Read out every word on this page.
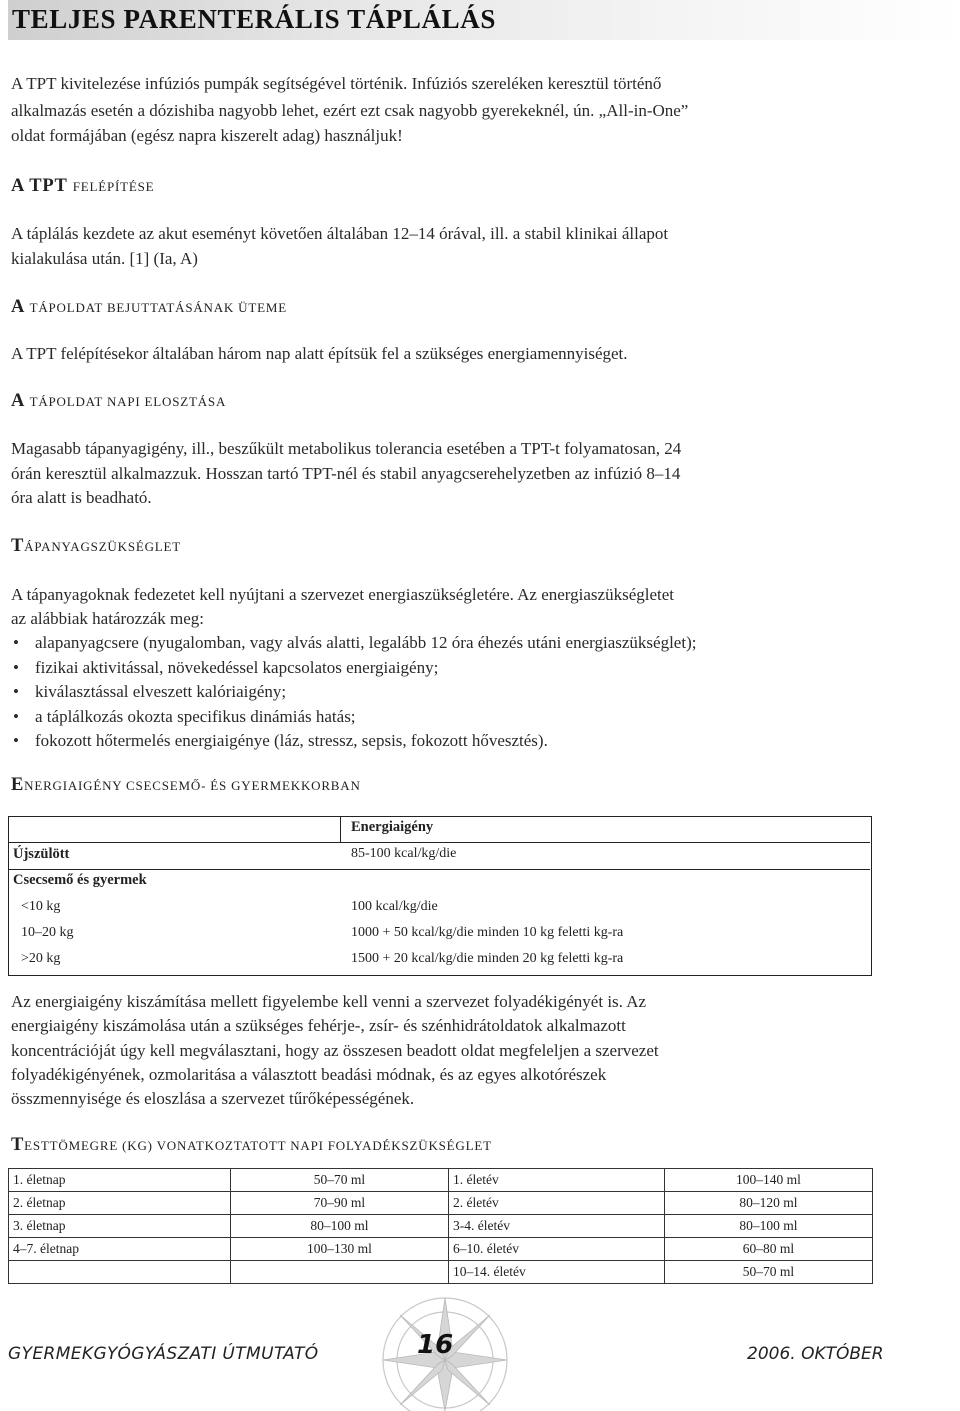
TELJES PARENTERÁLIS TÁPLÁLÁS

A TPT kivitelezése infúziós pumpák segítségével történik. Infúziós szereléken keresztül történő

alkalmazás esetén a dózishiba nagyobb lehet, ezért ezt csak nagyobb gyerekeknél, ún. „All-in-One”

oldat formájában (egész napra kiszerelt adag) használjuk!

A TPT FELÉPÍTÉSE

A táplálás kezdete az akut eseményt követően általában 12–14 órával, ill. a stabil klinikai állapot

kialakulása után. [1] (Ia, A)

A TÁPOLDAT BEJUTTATÁSÁNAK ÜTEME

A TPT felépítésekor általában három nap alatt építsük fel a szükséges energiamennyiséget.

A TÁPOLDAT NAPI ELOSZTÁSA

Magasabb tápanyagigény, ill., beszűkült metabolikus tolerancia esetében a TPT-t folyamatosan, 24

órán keresztül alkalmazzuk. Hosszan tartó TPT-nél és stabil anyagcserehelyzetben az infúzió 8–14

óra alatt is beadható.

TÁPANYAGSZÜKSÉGLET

A tápanyagoknak fedezetet kell nyújtani a szervezet energiaszükségletére. Az energiaszükségletet

az alábbiak határozzák meg:

• alapanyagcsere (nyugalomban, vagy alvás alatti, legalább 12 óra éhezés utáni energiaszükséglet);
• fizikai aktivitással, növekedéssel kapcsolatos energiaigény;
• kiválasztással elveszett kalóriaigény;
• a táplálkozás okozta specifikus dinámiás hatás;
• fokozott hőtermelés energiaigénye (láz, stressz, sepsis, fokozott hővesztés).
ENERGIAIGÉNY CSECSEMŐ- ÉS GYERMEKKORBAN
Energiaigény
Újszülött	85-100 kcal/kg/die
Csecsemő és gyermek
<10 kg	100 kcal/kg/die
10–20 kg	1000 + 50 kcal/kg/die minden 10 kg feletti kg-ra
>20 kg	1500 + 20 kcal/kg/die minden 20 kg feletti kg-ra

Az energiaigény kiszámítása mellett figyelembe kell venni a szervezet folyadékigényét is. Az

energiaigény kiszámolása után a szükséges fehérje-, zsír- és szénhidrátoldatok alkalmazott

koncentrációját úgy kell megválasztani, hogy az összesen beadott oldat megfeleljen a szervezet

folyadékigényének, ozmolaritása a választott beadási módnak, és az egyes alkotórészek

összmennyisége és eloszlása a szervezet tűrőképességének.

TESTTÖMEGRE (KG) VONATKOZTATOTT NAPI FOLYADÉKSZÜKSÉGLET
1. életnap	50–70 ml	1. életév	100–140 ml
2. életnap	70–90 ml	2. életév	80–120 ml
3. életnap	80–100 ml	3-4. életév	80–100 ml
4–7. életnap	100–130 ml	6–10. életév	60–80 ml
		10–14. életév	50–70 ml
GYERMEKGYÓGYÁSZATI ÚTMUTATÓ	16	2006. OKTÓBER
